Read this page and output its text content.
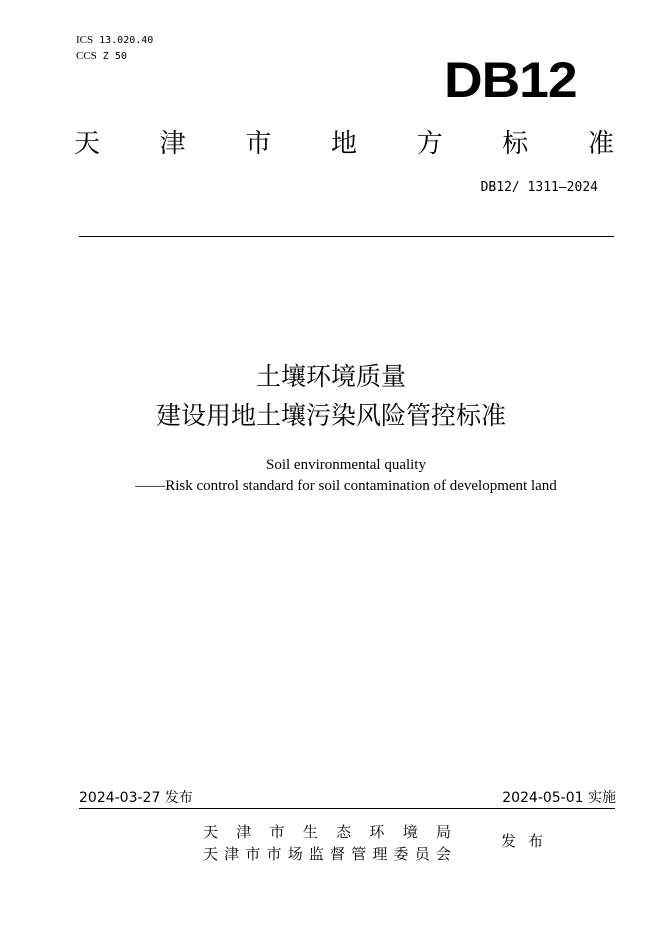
ICS 13.020.40
CCS Z 50	DB12
天 津 市 地 方 标 准
DB12/ 1311—2024
土壤环境质量
建设用地土壤污染风险管控标准
Soil environmental quality
——Risk control standard for soil contamination of development land
2024-03-27 发布	2024-05-01 实施
天 津 市 生 态 环 境 局
天 津 市 市 场 监 督 管 理 委 员 会
发 布
